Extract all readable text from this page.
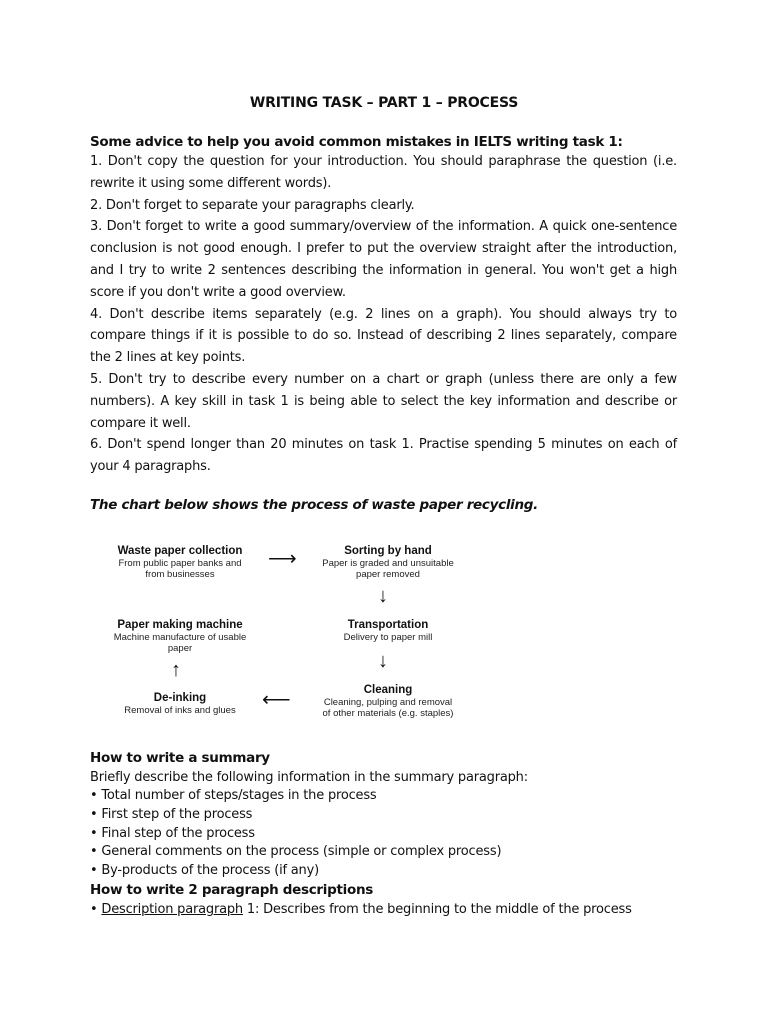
WRITING TASK – PART 1 – PROCESS
Some advice to help you avoid common mistakes in IELTS writing task 1:

1. Don't copy the question for your introduction. You should paraphrase the question (i.e. rewrite it using some different words).

2. Don't forget to separate your paragraphs clearly.

3. Don't forget to write a good summary/overview of the information. A quick one-sentence conclusion is not good enough. I prefer to put the overview straight after the introduction, and I try to write 2 sentences describing the information in general. You won't get a high score if you don't write a good overview.

4. Don't describe items separately (e.g. 2 lines on a graph). You should always try to compare things if it is possible to do so. Instead of describing 2 lines separately, compare the 2 lines at key points.

5. Don't try to describe every number on a chart or graph (unless there are only a few numbers). A key skill in task 1 is being able to select the key information and describe or compare it well.

6. Don't spend longer than 20 minutes on task 1. Practise spending 5 minutes on each of your 4 paragraphs.

The chart below shows the process of waste paper recycling.
Waste paper collection
From public paper banks and
from businesses
⟶	Sorting by hand
Paper is graded and unsuitable
paper removed
↓
Transportation
Delivery to paper mill
↓
Cleaning
Cleaning, pulping and removal
of other materials (e.g. staples)
⟵
De-inking
Removal of inks and glues
↑
Paper making machine
Machine manufacture of usable
paper
How to write a summary
Briefly describe the following information in the summary paragraph:
• Total number of steps/stages in the process
• First step of the process
• Final step of the process
• General comments on the process (simple or complex process)
• By-products of the process (if any)
How to write 2 paragraph descriptions
• Description paragraph 1: Describes from the beginning to the middle of the process
